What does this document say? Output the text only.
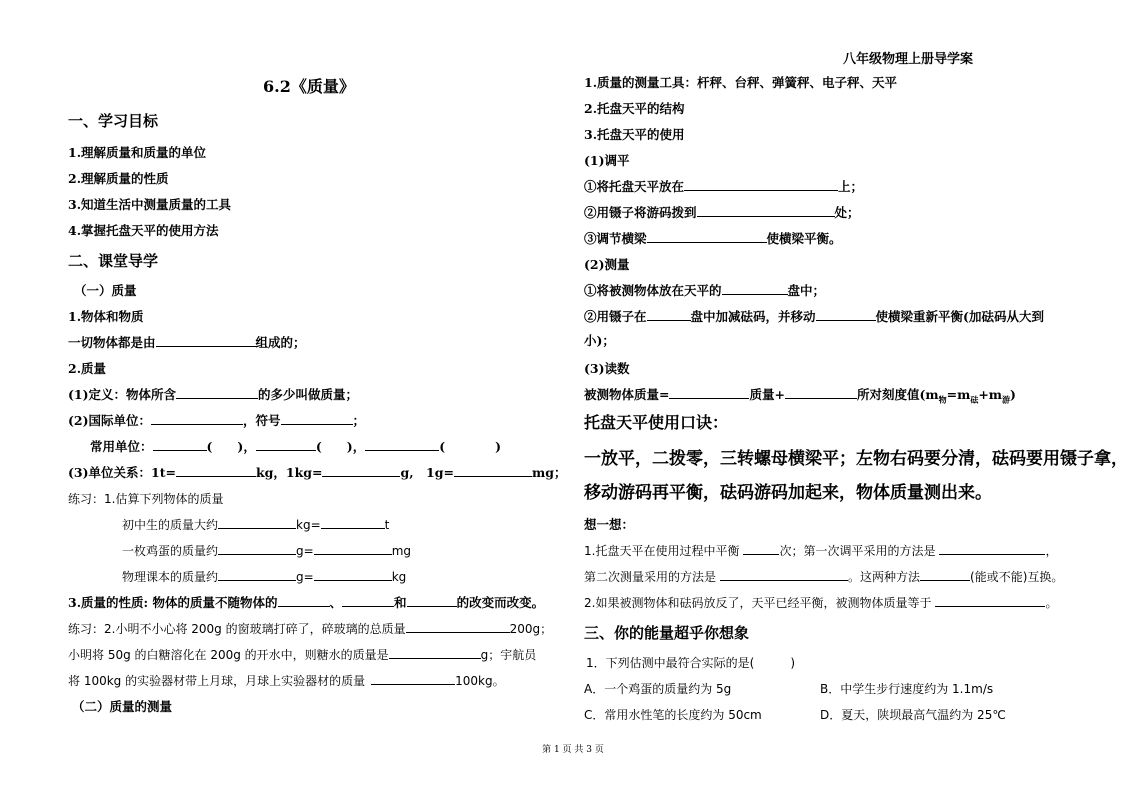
八年级物理上册导学案
6.2《质量》
一、学习目标
1.理解质量和质量的单位
2.理解质量的性质
3.知道生活中测量质量的工具
4.掌握托盘天平的使用方法
二、课堂导学
（一）质量
1.物体和物质
一切物体都是由	组成的；
2.质量
(1)定义：物体所含	的多少叫做质量；
(2)国际单位：	，符号	；
常用单位：	(　　)，	(　　)，	(　　　　)
(3)单位关系：1t=	kg，1kg=	g,　1g=	mg；
练习：1.估算下列物体的质量
初中生的质量大约	kg=	t
一枚鸡蛋的质量约	g=	mg
物理课本的质量约	g=	kg
3.质量的性质: 物体的质量不随物体的	、	和	的改变而改变。
练习：2.小明不小心将 200g 的窗玻璃打碎了，碎玻璃的总质量	200g；
小明将 50g 的白糖溶化在 200g 的开水中，则糖水的质量是	g；宇航员
将 100kg 的实验器材带上月球，月球上实验器材的质量	100kg。
（二）质量的测量
1.质量的测量工具：杆秤、台秤、弹簧秤、电子秤、天平
2.托盘天平的结构
3.托盘天平的使用
(1)调平
①将托盘天平放在	上；
②用镊子将游码拨到	处；
③调节横梁	使横梁平衡。
(2)测量
①将被测物体放在天平的	盘中；
②用镊子在	盘中加减砝码，并移动	使横梁重新平衡(加砝码从大到
小)；
(3)读数
被测物体质量=	质量+	所对刻度值$(m_物=m_砝+m_游)$
托盘天平使用口诀：
一放平，二拨零，三转螺母横梁平；左物右码要分清，砝码要用镊子拿，
移动游码再平衡，砝码游码加起来，物体质量测出来。
想一想：
1.托盘天平在使用过程中平衡	次；第一次调平采用的方法是	，
第二次测量采用的方法是	。这两种方法	(能或不能)互换。
2.如果被测物体和砝码放反了，天平已经平衡，被测物体质量等于	。
三、你的能量超乎你想象
1．下列估测中最符合实际的是(　　　)
A．一个鸡蛋的质量约为 5g	B．中学生步行速度约为 1.1m/s
C．常用水性笔的长度约为 50cm	D．夏天，陕坝最高气温约为 25℃
第 1 页 共 3 页
